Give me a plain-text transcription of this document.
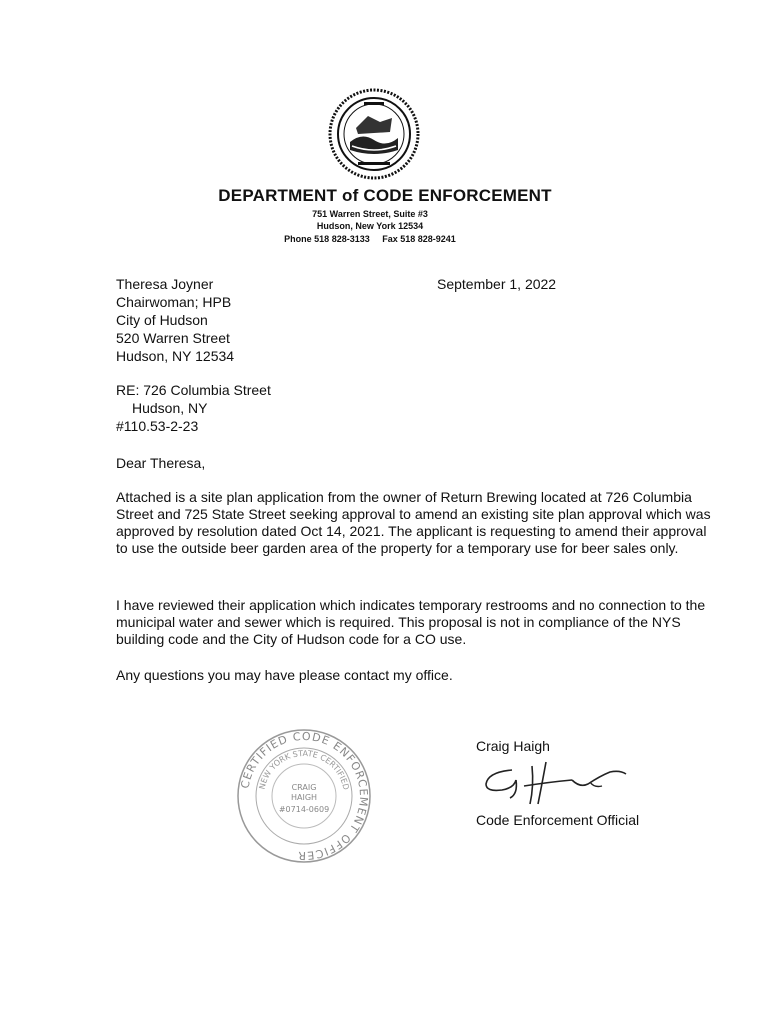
DEPARTMENT of CODE ENFORCEMENT
751 Warren Street, Suite #3
Hudson, New York 12534
Phone 518 828-3133 Fax 518 828-9241
Theresa Joyner
Chairwoman; HPB
City of Hudson
520 Warren Street
Hudson, NY 12534
September 1, 2022
RE: 726 Columbia Street
Hudson, NY
#110.53-2-23
Dear Theresa,
Attached is a site plan application from the owner of Return Brewing located at 726 Columbia Street and 725 State Street seeking approval to amend an existing site plan approval which was approved by resolution dated Oct 14, 2021. The applicant is requesting to amend their approval to use the outside beer garden area of the property for a temporary use for beer sales only.
I have reviewed their application which indicates temporary restrooms and no connection to the municipal water and sewer which is required. This proposal is not in compliance of the NYS building code and the City of Hudson code for a CO use.
Any questions you may have please contact my office.
CERTIFIED CODE ENFORCEMENT OFFICER
NEW YORK STATE CERTIFIED
CRAIG
HAIGH
#0714-0609
Craig Haigh
Code Enforcement Official
